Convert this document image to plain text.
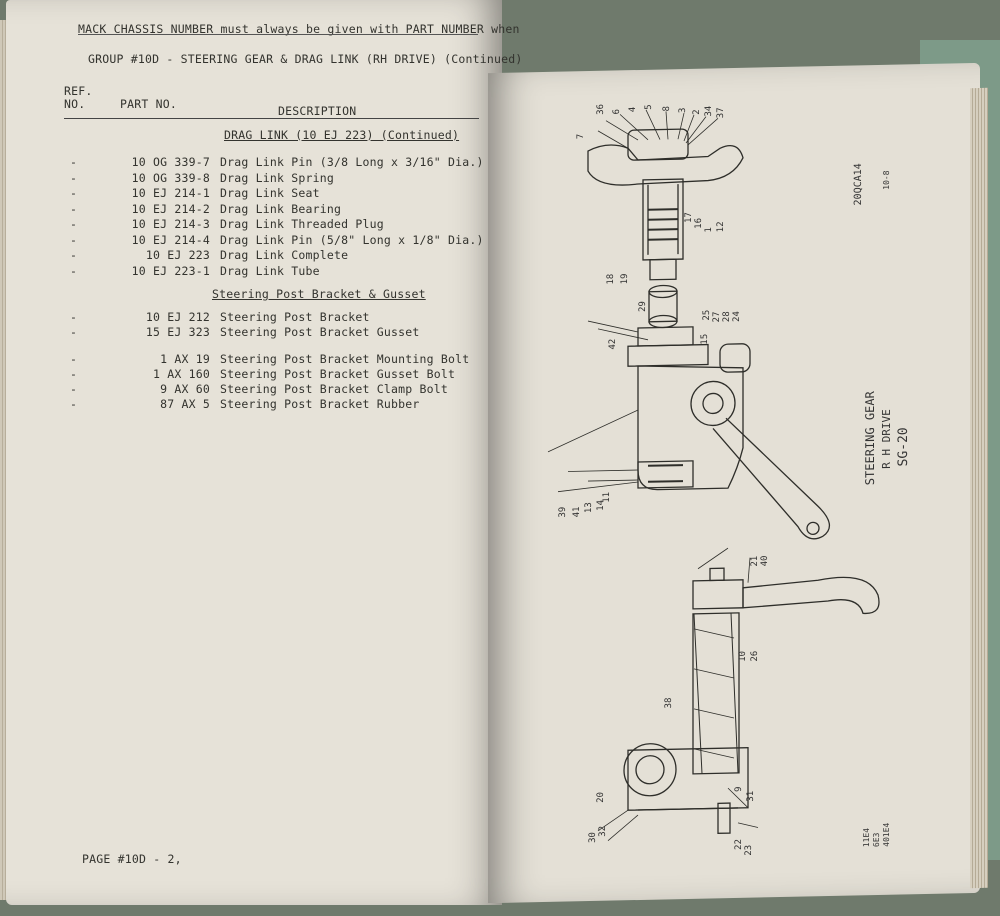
MACK CHASSIS NUMBER must always be given with PART NUMBER when
GROUP #10D - STEERING GEAR & DRAG LINK (RH DRIVE) (Continued)
REF.
NO.	PART NO.	DESCRIPTION
DRAG LINK (10 EJ 223) (Continued)
-	10 OG 339-7 Drag Link Pin (3/8 Long x 3/16" Dia.)
-	10 OG 339-8 Drag Link Spring
-	10 EJ 214-1 Drag Link Seat
-	10 EJ 214-2 Drag Link Bearing
-	10 EJ 214-3 Drag Link Threaded Plug
-	10 EJ 214-4 Drag Link Pin (5/8" Long x 1/8" Dia.)
-	10 EJ 223 Drag Link Complete
-	10 EJ 223-1 Drag Link Tube
Steering Post Bracket & Gusset
-	10 EJ 212 Steering Post Bracket
-	15 EJ 323 Steering Post Bracket Gusset
-	1 AX 19 Steering Post Bracket Mounting Bolt
-	1 AX 160 Steering Post Bracket Gusset Bolt
-	9 AX 60 Steering Post Bracket Clamp Bolt
-	87 AX 5 Steering Post Bracket Rubber
PAGE #10D - 2,
STEERING GEAR R H DRIVE SG-20
20QCA14 10-8
11E4 6E3 401E4
36 6 4 5 8 3 2 34 37
7
17
16
1 12
18 19
25 27 28 24
29
15
42
39 41 13 14
11
21 40
10 26
38
20
9
31
30
32
22
23
